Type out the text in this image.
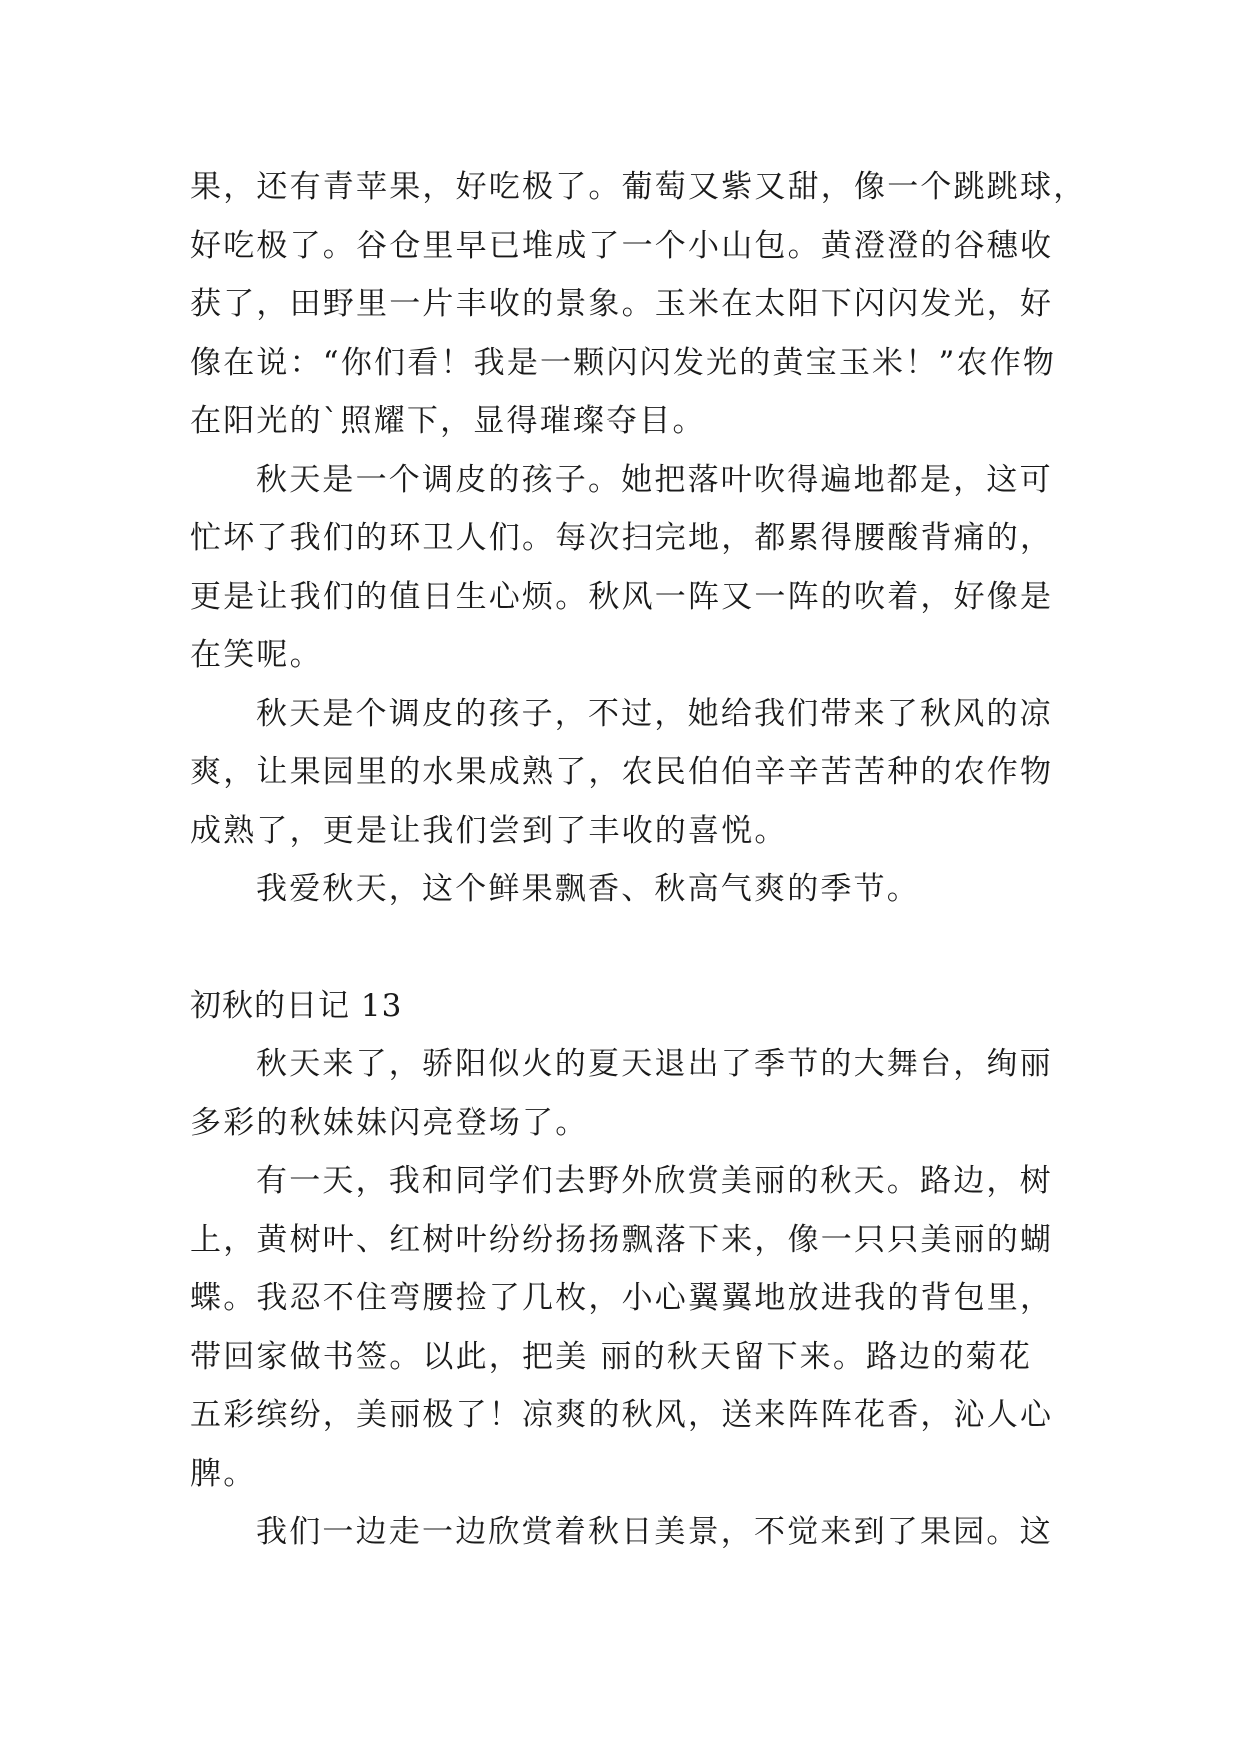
果，还有青苹果，好吃极了。葡萄又紫又甜，像一个跳跳球，
好吃极了。谷仓里早已堆成了一个小山包。黄澄澄的谷穗收
获了，田野里一片丰收的景象。玉米在太阳下闪闪发光，好
像在说：“你们看！我是一颗闪闪发光的黄宝玉米！”农作物
在阳光的`照耀下，显得璀璨夺目。
秋天是一个调皮的孩子。她把落叶吹得遍地都是，这可
忙坏了我们的环卫人们。每次扫完地，都累得腰酸背痛的，
更是让我们的值日生心烦。秋风一阵又一阵的吹着，好像是
在笑呢。
秋天是个调皮的孩子，不过，她给我们带来了秋风的凉
爽，让果园里的水果成熟了，农民伯伯辛辛苦苦种的农作物
成熟了，更是让我们尝到了丰收的喜悦。
我爱秋天，这个鲜果飘香、秋高气爽的季节。
初秋的日记 13
秋天来了，骄阳似火的夏天退出了季节的大舞台，绚丽
多彩的秋妹妹闪亮登场了。
有一天，我和同学们去野外欣赏美丽的秋天。路边，树
上，黄树叶、红树叶纷纷扬扬飘落下来，像一只只美丽的蝴
蝶。我忍不住弯腰捡了几枚，小心翼翼地放进我的背包里，
带回家做书签。以此，把美 丽的秋天留下来。路边的菊花
五彩缤纷，美丽极了！凉爽的秋风，送来阵阵花香，沁人心
脾。
我们一边走一边欣赏着秋日美景，不觉来到了果园。这
